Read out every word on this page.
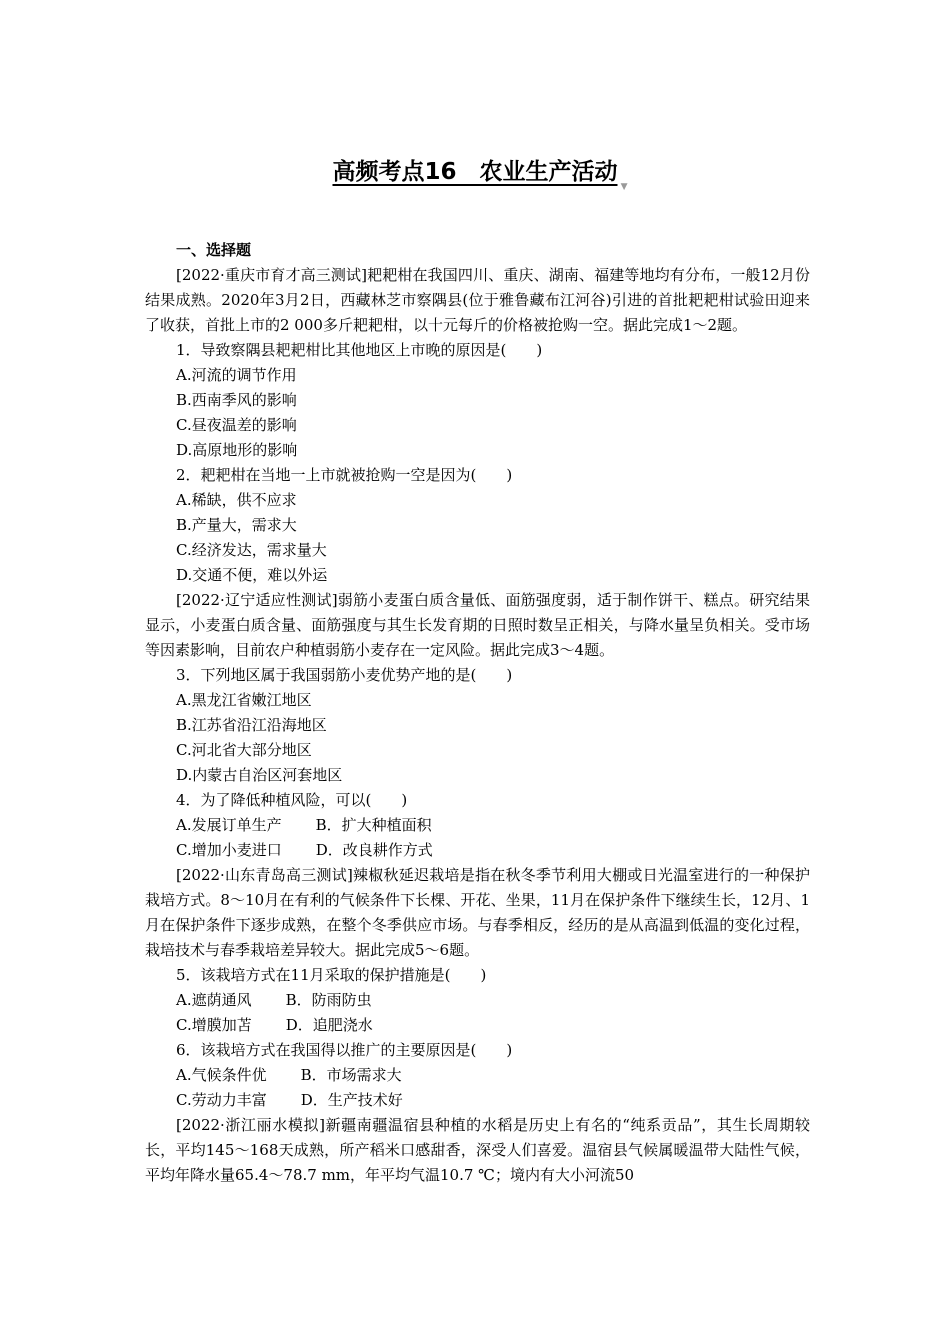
高频考点16　农业生产活动
▼

一、选择题

[2022·重庆市育才高三测试]耙耙柑在我国四川、重庆、湖南、福建等地均有分布，一般12月份结果成熟。2020年3月2日，西藏林芝市察隅县(位于雅鲁藏布江河谷)引进的首批耙耙柑试验田迎来了收获，首批上市的2 000多斤耙耙柑，以十元每斤的价格被抢购一空。据此完成1～2题。

1．导致察隅县耙耙柑比其他地区上市晚的原因是(　　)

A.河流的调节作用

B.西南季风的影响

C.昼夜温差的影响

D.高原地形的影响

2．耙耙柑在当地一上市就被抢购一空是因为(　　)

A.稀缺，供不应求

B.产量大，需求大

C.经济发达，需求量大

D.交通不便，难以外运

[2022·辽宁适应性测试]弱筋小麦蛋白质含量低、面筋强度弱，适于制作饼干、糕点。研究结果显示，小麦蛋白质含量、面筋强度与其生长发育期的日照时数呈正相关，与降水量呈负相关。受市场等因素影响，目前农户种植弱筋小麦存在一定风险。据此完成3～4题。

3．下列地区属于我国弱筋小麦优势产地的是(　　)

A.黑龙江省嫩江地区

B.江苏省沿江沿海地区

C.河北省大部分地区

D.内蒙古自治区河套地区

4．为了降低种植风险，可以(　　)

A.发展订单生产 B．扩大种植面积

C.增加小麦进口 D．改良耕作方式

[2022·山东青岛高三测试]辣椒秋延迟栽培是指在秋冬季节利用大棚或日光温室进行的一种保护栽培方式。8～10月在有利的气候条件下长棵、开花、坐果，11月在保护条件下继续生长，12月、1月在保护条件下逐步成熟，在整个冬季供应市场。与春季相反，经历的是从高温到低温的变化过程，栽培技术与春季栽培差异较大。据此完成5～6题。

5．该栽培方式在11月采取的保护措施是(　　)

A.遮荫通风 B．防雨防虫

C.增膜加苫 D．追肥浇水

6．该栽培方式在我国得以推广的主要原因是(　　)

A.气候条件优 B．市场需求大

C.劳动力丰富 D．生产技术好

[2022·浙江丽水模拟]新疆南疆温宿县种植的水稻是历史上有名的“纯系贡品”，其生长周期较长，平均145～168天成熟，所产稻米口感甜香，深受人们喜爱。温宿县气候属暖温带大陆性气候，平均年降水量65.4～78.7 mm，年平均气温10.7 ℃；境内有大小河流50
